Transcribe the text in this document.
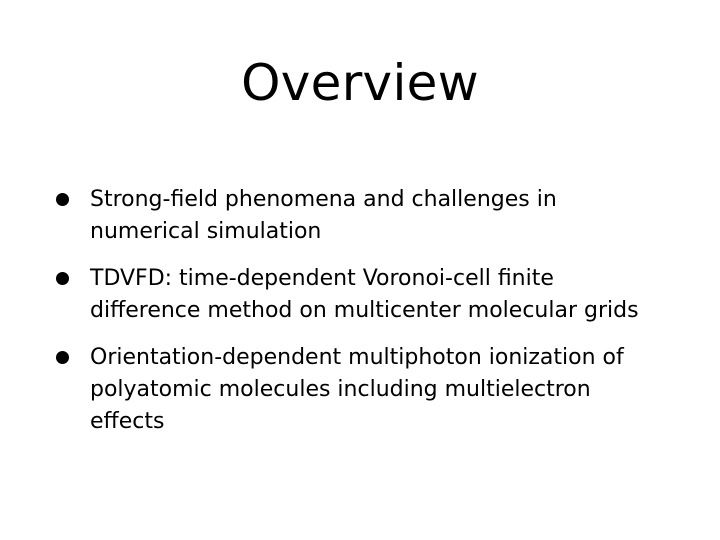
Overview
Strong-field phenomena and challenges in
numerical simulation
TDVFD: time-dependent Voronoi-cell finite
difference method on multicenter molecular grids
Orientation-dependent multiphoton ionization of
polyatomic molecules including multielectron
effects
